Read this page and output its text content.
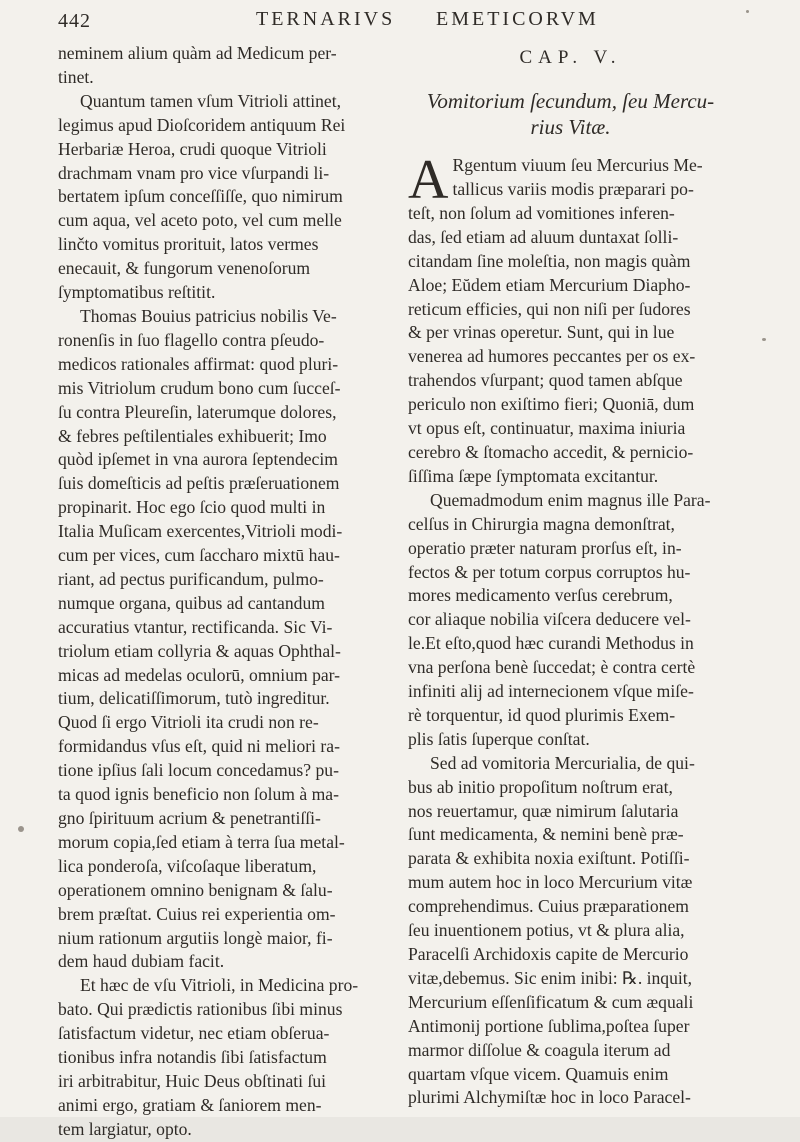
TERNARIVS EMETICORVM
442
neminem alium quàm ad Medicum per-
tinet.
Quantum tamen vſum Vitrioli attinet,
legimus apud Dioſcoridem antiquum Rei
Herbariæ Heroa, crudi quoque Vitrioli
drachmam vnam pro vice vſurpandi li-
bertatem ipſum conceſſiſſe, quo nimirum
cum aqua, vel aceto poto, vel cum melle
linčto vomitus prorituit, latos vermes
enecauit, & fungorum venenoſorum
ſymptomatibus reſtitit.
Thomas Bouius patricius nobilis Ve-
ronenſis in ſuo flagello contra pſeudo-
medicos rationales affirmat: quod pluri-
mis Vitriolum crudum bono cum ſucceſ-
ſu contra Pleureſin, laterumque dolores,
& febres peſtilentiales exhibuerit; Imo
quòd ipſemet in vna aurora ſeptendecim
ſuis domeſticis ad peſtis præſeruationem
propinarit. Hoc ego ſcio quod multi in
Italia Muſicam exercentes,Vitrioli modi-
cum per vices, cum ſaccharo mixtū hau-
riant, ad pectus purificandum, pulmo-
numque organa, quibus ad cantandum
accuratius vtantur, rectificanda. Sic Vi-
triolum etiam collyria & aquas Ophthal-
micas ad medelas oculorū, omnium par-
tium, delicatiſſimorum, tutò ingreditur.
Quod ſi ergo Vitrioli ita crudi non re-
formidandus vſus eſt, quid ni meliori ra-
tione ipſius ſali locum concedamus? pu-
ta quod ignis beneficio non ſolum à ma-
gno ſpirituum acrium & penetrantiſſi-
morum copia,ſed etiam à terra ſua metal-
lica ponderoſa, viſcoſaque liberatum,
operationem omnino benignam & ſalu-
brem præſtat. Cuius rei experientia om-
nium rationum argutiis longè maior, fi-
dem haud dubiam facit.
Et hæc de vſu Vitrioli, in Medicina pro-
bato. Qui prædictis rationibus ſibi minus
ſatisfactum videtur, nec etiam obſerua-
tionibus infra notandis ſibi ſatisfactum
iri arbitrabitur, Huic Deus obſtinati ſui
animi ergo, gratiam & ſaniorem men-
tem largiatur, opto.
CAP. V.
Vomitorium ſecundum, ſeu Mercu-
rius Vitæ.
A Rgentum viuum ſeu Mercurius Me-
tallicus variis modis præparari po-
teſt, non ſolum ad vomitiones inferen-
das, ſed etiam ad aluum duntaxat ſolli-
citandam ſine moleſtia, non magis quàm
Aloe; Eŭdem etiam Mercurium Diapho-
reticum efficies, qui non niſi per ſudores
& per vrinas operetur. Sunt, qui in lue
venerea ad humores peccantes per os ex-
trahendos vſurpant; quod tamen abſque
periculo non exiſtimo fieri; Quoniā, dum
vt opus eſt, continuatur, maxima iniuria
cerebro & ſtomacho accedit, & pernicio-
ſiſſima ſæpe ſymptomata excitantur.
Quemadmodum enim magnus ille Para-
celſus in Chirurgia magna demonſtrat,
operatio præter naturam prorſus eſt, in-
fectos & per totum corpus corruptos hu-
mores medicamento verſus cerebrum,
cor aliaque nobilia viſcera deducere vel-
le.Et eſto,quod hæc curandi Methodus in
vna perſona benè ſuccedat; è contra certè
infiniti alij ad internecionem vſque miſe-
rè torquentur, id quod plurimis Exem-
plis ſatis ſuperque conſtat.
Sed ad vomitoria Mercurialia, de qui-
bus ab initio propoſitum noſtrum erat,
nos reuertamur, quæ nimirum ſalutaria
ſunt medicamenta, & nemini benè præ-
parata & exhibita noxia exiſtunt. Potiſſi-
mum autem hoc in loco Mercurium vitæ
comprehendimus. Cuius præparationem
ſeu inuentionem potius, vt & plura alia,
Paracelſi Archidoxis capite de Mercurio
vitæ,debemus. Sic enim inibi: ℞. inquit,
Mercurium eſſenſificatum & cum æquali
Antimonij portione ſublima,poſtea ſuper
marmor diſſolue & coagula iterum ad
quartam vſque vicem. Quamuis enim
plurimi Alchymiſtæ hoc in loco Paracel-
